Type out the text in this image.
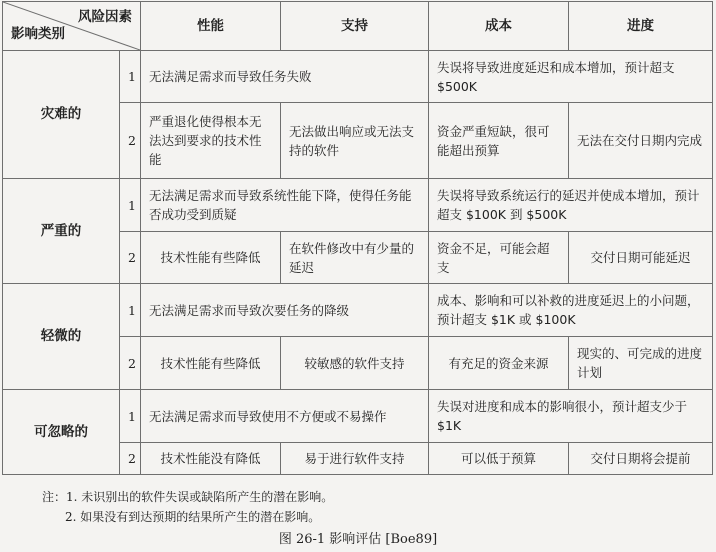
风险因素
影响类别		性能	支持	成本	进度
灾难的	1	无法满足需求而导致任务失败		失误将导致进度延迟和成本增加，预计超支 $500K	
	2	严重退化使得根本无法达到要求的技术性能	无法做出响应或无法支持的软件	资金严重短缺，很可能超出预算	无法在交付日期内完成
严重的	1	无法满足需求而导致系统性能下降，使得任务能否成功受到质疑		失误将导致系统运行的延迟并使成本增加，预计超支 $100K 到 $500K	
	2	技术性能有些降低	在软件修改中有少量的延迟	资金不足，可能会超支	交付日期可能延迟
轻微的	1	无法满足需求而导致次要任务的降级		成本、影响和可以补救的进度延迟上的小问题，预计超支 $1K 或 $100K	
	2	技术性能有些降低	较敏感的软件支持	有充足的资金来源	现实的、可完成的进度计划
可忽略的	1	无法满足需求而导致使用不方便或不易操作		失误对进度和成本的影响很小，预计超支少于 $1K	
	2	技术性能没有降低	易于进行软件支持	可以低于预算	交付日期将会提前
注：1. 未识别出的软件失误或缺陷所产生的潜在影响。
2. 如果没有到达预期的结果所产生的潜在影响。
图 26-1 影响评估 [Boe89]
